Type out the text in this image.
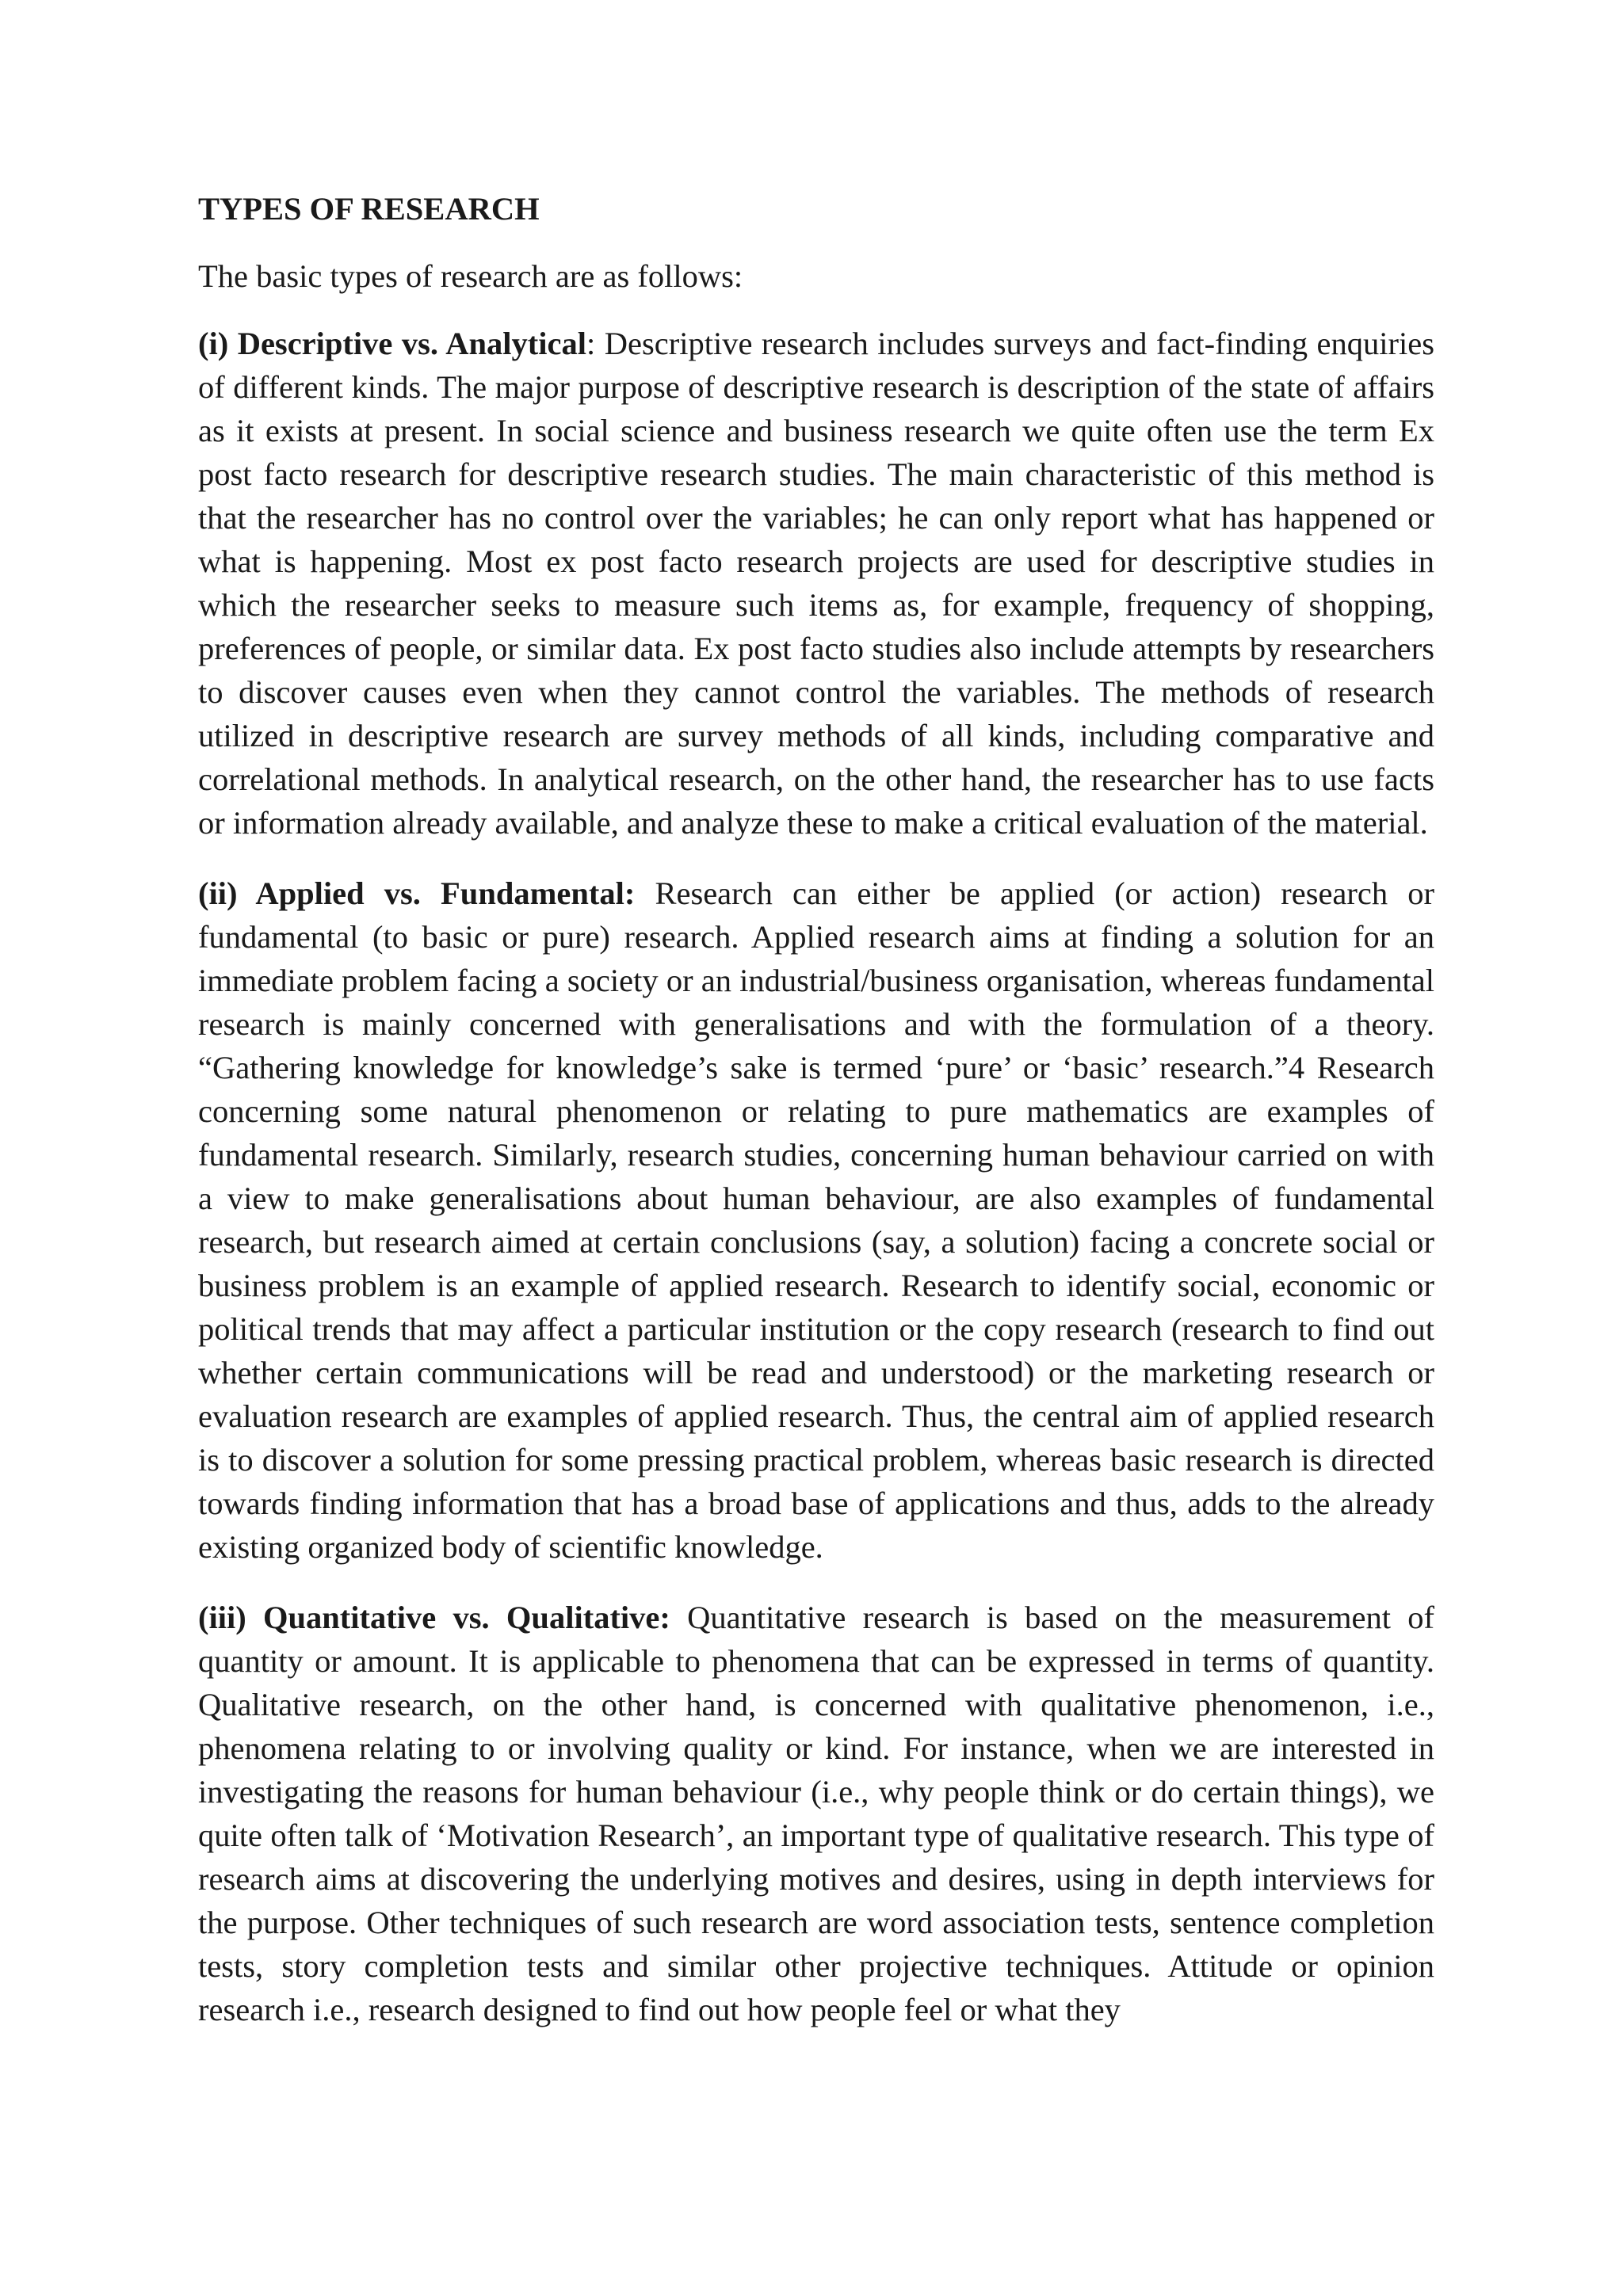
TYPES OF RESEARCH
The basic types of research are as follows:

(i) Descriptive vs. Analytical: Descriptive research includes surveys and fact-finding enquiries of different kinds. The major purpose of descriptive research is description of the state of affairs as it exists at present. In social science and business research we quite often use the term Ex post facto research for descriptive research studies. The main characteristic of this method is that the researcher has no control over the variables; he can only report what has happened or what is happening. Most ex post facto research projects are used for descriptive studies in which the researcher seeks to measure such items as, for example, frequency of shopping, preferences of people, or similar data. Ex post facto studies also include attempts by researchers to discover causes even when they cannot control the variables. The methods of research utilized in descriptive research are survey methods of all kinds, including comparative and correlational methods. In analytical research, on the other hand, the researcher has to use facts or information already available, and analyze these to make a critical evaluation of the material.

(ii) Applied vs. Fundamental: Research can either be applied (or action) research or fundamental (to basic or pure) research. Applied research aims at finding a solution for an immediate problem facing a society or an industrial/business organisation, whereas fundamental research is mainly concerned with generalisations and with the formulation of a theory. “Gathering knowledge for knowledge’s sake is termed ‘pure’ or ‘basic’ research.”4 Research concerning some natural phenomenon or relating to pure mathematics are examples of fundamental research. Similarly, research studies, concerning human behaviour carried on with a view to make generalisations about human behaviour, are also examples of fundamental research, but research aimed at certain conclusions (say, a solution) facing a concrete social or business problem is an example of applied research. Research to identify social, economic or political trends that may affect a particular institution or the copy research (research to find out whether certain communications will be read and understood) or the marketing research or evaluation research are examples of applied research. Thus, the central aim of applied research is to discover a solution for some pressing practical problem, whereas basic research is directed towards finding information that has a broad base of applications and thus, adds to the already existing organized body of scientific knowledge.

(iii) Quantitative vs. Qualitative: Quantitative research is based on the measurement of quantity or amount. It is applicable to phenomena that can be expressed in terms of quantity. Qualitative research, on the other hand, is concerned with qualitative phenomenon, i.e., phenomena relating to or involving quality or kind. For instance, when we are interested in investigating the reasons for human behaviour (i.e., why people think or do certain things), we quite often talk of ‘Motivation Research’, an important type of qualitative research. This type of research aims at discovering the underlying motives and desires, using in depth interviews for the purpose. Other techniques of such research are word association tests, sentence completion tests, story completion tests and similar other projective techniques. Attitude or opinion research i.e., research designed to find out how people feel or what they
